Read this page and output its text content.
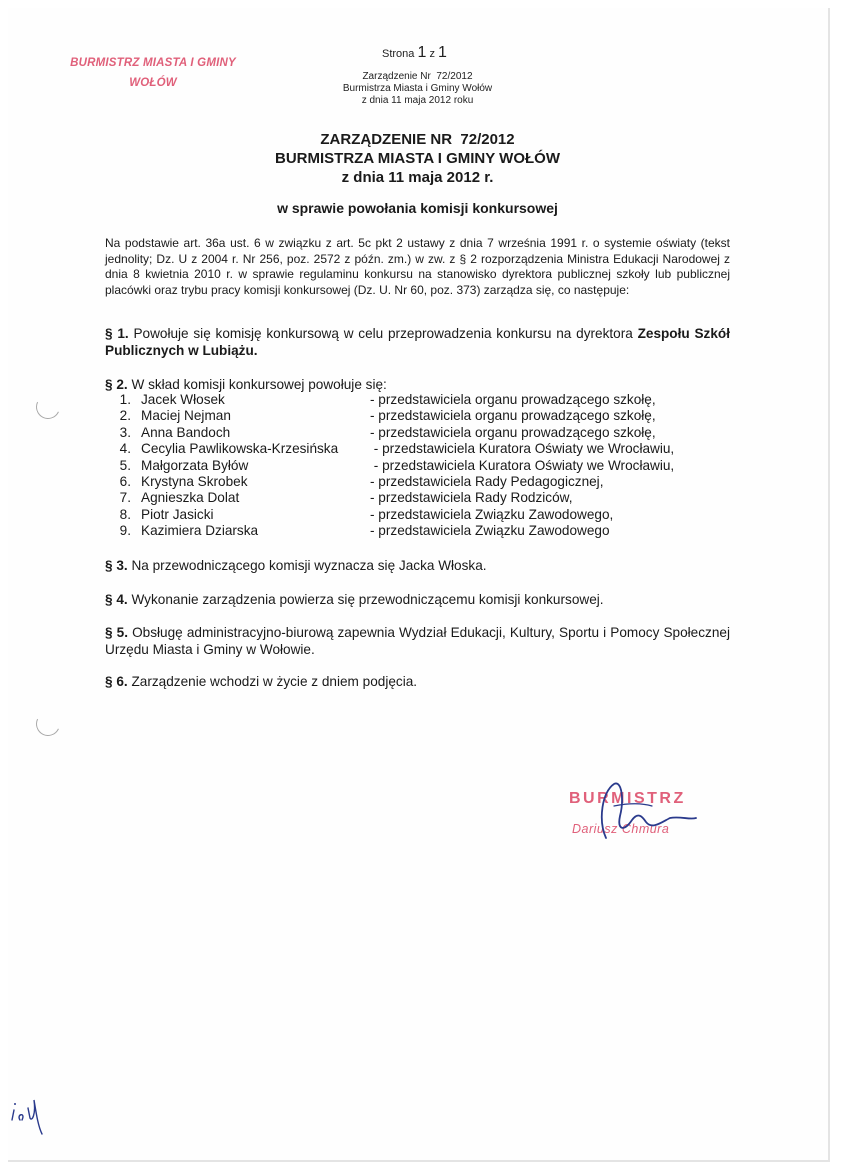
BURMISTRZ MIASTA I GMINY
WOŁÓW
Strona 1 z 1
Zarządzenie Nr  72/2012
Burmistrza Miasta i Gminy Wołów
z dnia 11 maja 2012 roku
ZARZĄDZENIE NR  72/2012
BURMISTRZA MIASTA I GMINY WOŁÓW
z dnia 11 maja 2012 r.
w sprawie powołania komisji konkursowej
Na podstawie art. 36a ust. 6 w związku z art. 5c pkt 2 ustawy z dnia 7 września 1991 r. o systemie oświaty (tekst jednolity; Dz. U z 2004 r. Nr 256, poz. 2572 z późn. zm.) w zw. z § 2 rozporządzenia Ministra Edukacji Narodowej z dnia 8 kwietnia 2010 r. w sprawie regulaminu konkursu na stanowisko dyrektora publicznej szkoły lub publicznej placówki oraz trybu pracy komisji konkursowej (Dz. U. Nr 60, poz. 373) zarządza się, co następuje:
§ 1. Powołuje się komisję konkursową w celu przeprowadzenia konkursu na dyrektora Zespołu Szkół Publicznych w Lubiążu.
§ 2. W skład komisji konkursowej powołuje się:
1. Jacek Włosek	- przedstawiciela organu prowadzącego szkołę,
2. Maciej Nejman	- przedstawiciela organu prowadzącego szkołę,
3. Anna Bandoch	- przedstawiciela organu prowadzącego szkołę,
4. Cecylia Pawlikowska-Krzesińska	- przedstawiciela Kuratora Oświaty we Wrocławiu,
5. Małgorzata Byłów	- przedstawiciela Kuratora Oświaty we Wrocławiu,
6. Krystyna Skrobek	- przedstawiciela Rady Pedagogicznej,
7. Agnieszka Dolat	- przedstawiciela Rady Rodziców,
8. Piotr Jasicki	- przedstawiciela Związku Zawodowego,
9. Kazimiera Dziarska	- przedstawiciela Związku Zawodowego
§ 3. Na przewodniczącego komisji wyznacza się Jacka Włoska.
§ 4. Wykonanie zarządzenia powierza się przewodniczącemu komisji konkursowej.
§ 5. Obsługę administracyjno-biurową zapewnia Wydział Edukacji, Kultury, Sportu i Pomocy Społecznej Urzędu Miasta i Gminy w Wołowie.
§ 6. Zarządzenie wchodzi w życie z dniem podjęcia.
BURMISTRZ
Dariusz Chmura
